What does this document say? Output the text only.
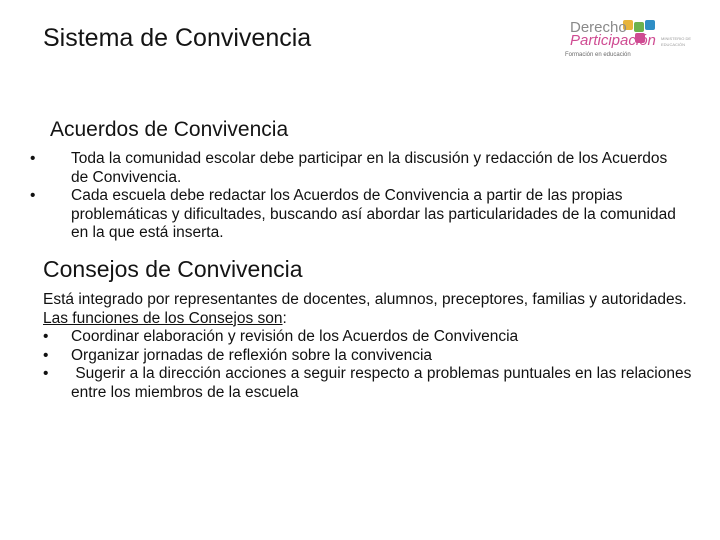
Sistema de Convivencia	Derecho
Participación
Formación en educación
MINISTERIO DE EDUCACIÓN
Acuerdos de Convivencia
• Toda la comunidad escolar debe participar en la discusión y redacción de los Acuerdos de Convivencia.
• Cada escuela debe redactar los Acuerdos de Convivencia a partir de las propias problemáticas y dificultades, buscando así abordar las particularidades de la comunidad en la que está inserta.
Consejos de Convivencia
Está integrado por representantes de docentes, alumnos, preceptores, familias y autoridades.
Las funciones de los Consejos son:
• Coordinar elaboración y revisión de los Acuerdos de Convivencia
• Organizar jornadas de reflexión sobre la convivencia
• Sugerir a la dirección acciones a seguir respecto a problemas puntuales en las relaciones entre los miembros de la escuela
